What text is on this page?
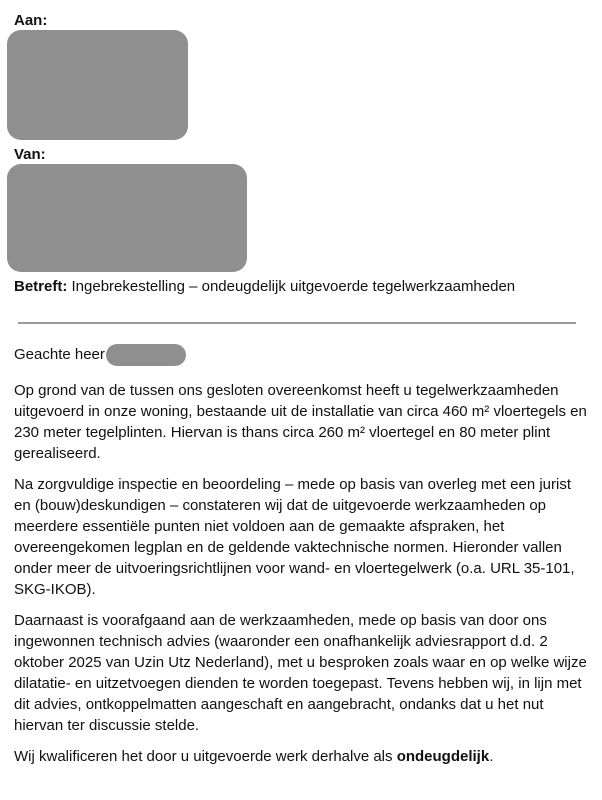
Aan:
Van:
Betreft: Ingebrekestelling – ondeugdelijk uitgevoerde tegelwerkzaamheden
Geachte heer

Op grond van de tussen ons gesloten overeenkomst heeft u tegelwerkzaamheden uitgevoerd in onze woning, bestaande uit de installatie van circa 460 m² vloertegels en 230 meter tegelplinten. Hiervan is thans circa 260 m² vloertegel en 80 meter plint gerealiseerd.

Na zorgvuldige inspectie en beoordeling – mede op basis van overleg met een jurist en (bouw)deskundigen – constateren wij dat de uitgevoerde werkzaamheden op meerdere essentiële punten niet voldoen aan de gemaakte afspraken, het overeengekomen legplan en de geldende vaktechnische normen. Hieronder vallen onder meer de uitvoeringsrichtlijnen voor wand- en vloertegelwerk (o.a. URL 35-101, SKG-IKOB).

Daarnaast is voorafgaand aan de werkzaamheden, mede op basis van door ons ingewonnen technisch advies (waaronder een onafhankelijk adviesrapport d.d. 2 oktober 2025 van Uzin Utz Nederland), met u besproken zoals waar en op welke wijze dilatatie- en uitzetvoegen dienden te worden toegepast. Tevens hebben wij, in lijn met dit advies, ontkoppelmatten aangeschaft en aangebracht, ondanks dat u het nut hiervan ter discussie stelde.

Wij kwalificeren het door u uitgevoerde werk derhalve als ondeugdelijk.
